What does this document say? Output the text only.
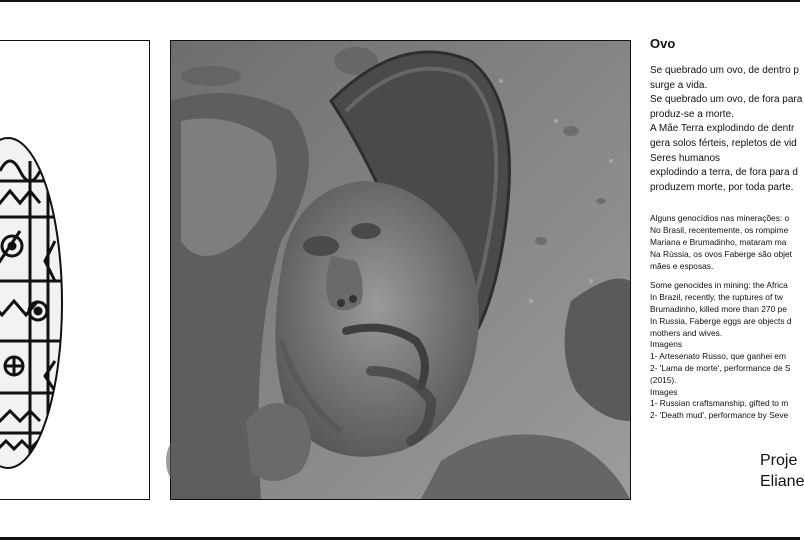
Ovo

Se quebrado um ovo, de dentro p

surge a vida.

Se quebrado um ovo, de fora para

produz-se a morte.

A Mãe Terra explodindo de dentr

gera solos férteis, repletos de vid

Seres humanos

explodindo a terra, de fora para d

produzem morte, por toda parte.

Alguns genocídios nas minerações: o

No Brasil, recentemente, os rompime

Mariana e Brumadinho, mataram ma

Na Rússia, os ovos Faberge são objet

mães e esposas.

Some genocides in mining: the Africa

In Brazil, recently, the ruptures of tw

Brumadinho, killed more than 270 pe

In Russia, Faberge eggs are objects d

mothers and wives.

Imagens

1- Artesenato Russo, que ganhei em

2- 'Lama de morte', performance de S

(2015).

Images

1- Russian craftsmanship, gifted to m

2- 'Death mud', performance by Seve

Proje
Eliane
